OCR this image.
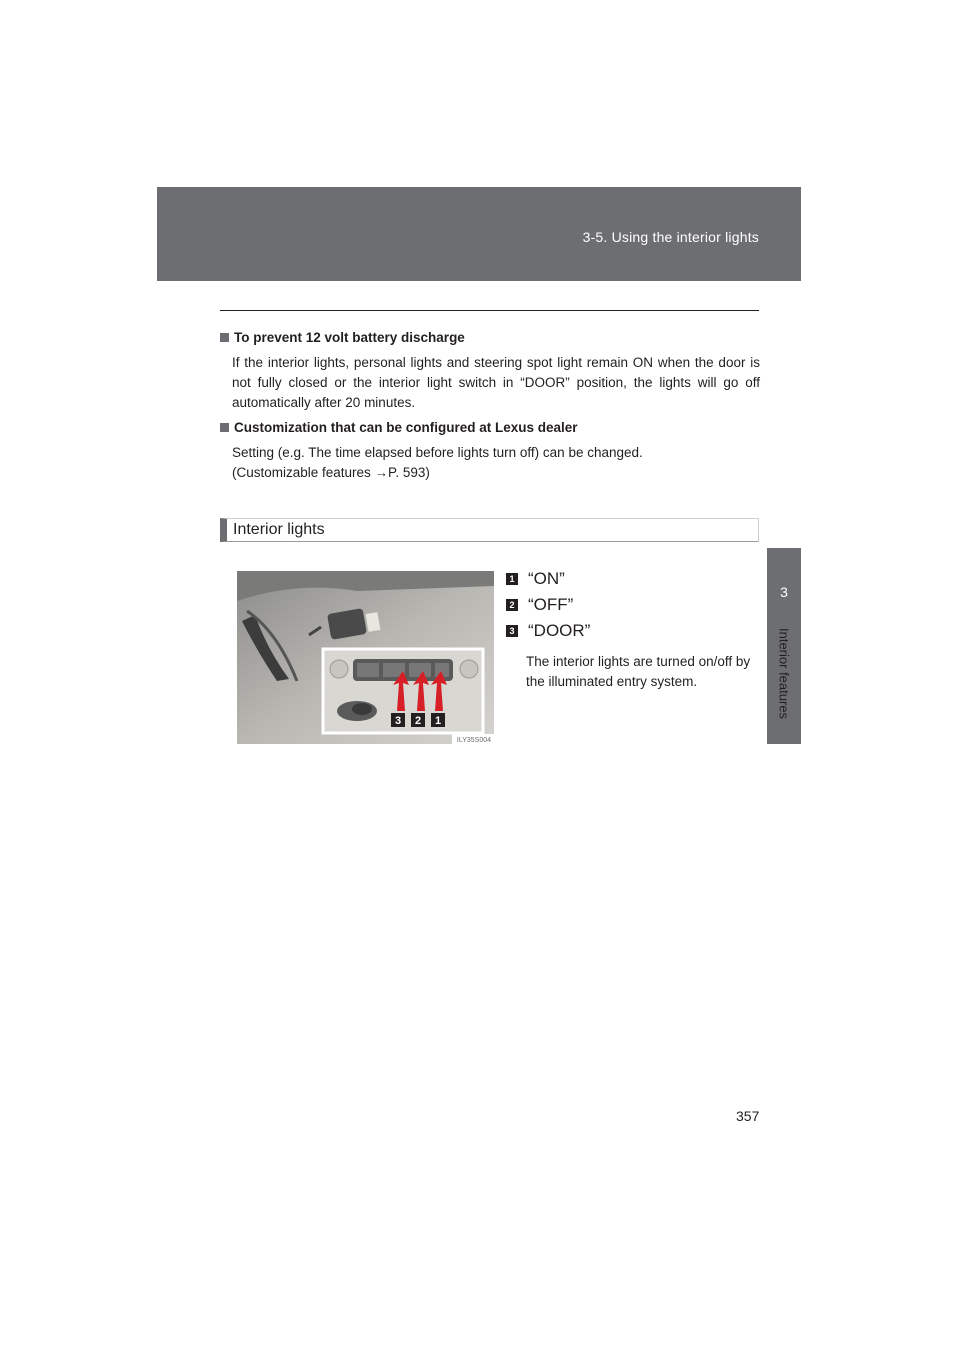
3-5. Using the interior lights
3
Interior features
To prevent 12 volt battery discharge
If the interior lights, personal lights and steering spot light remain ON when the door is not fully closed or the interior light switch in “DOOR” position, the lights will go off automatically after 20 minutes.
Customization that can be configured at Lexus dealer
Setting (e.g. The time elapsed before lights turn off) can be changed.
(Customizable features →P. 593)
Interior lights
3 2 1
ILY35S004
1 “ON”
2 “OFF”
3 “DOOR”
The interior lights are turned on/off by the illuminated entry system.
357
